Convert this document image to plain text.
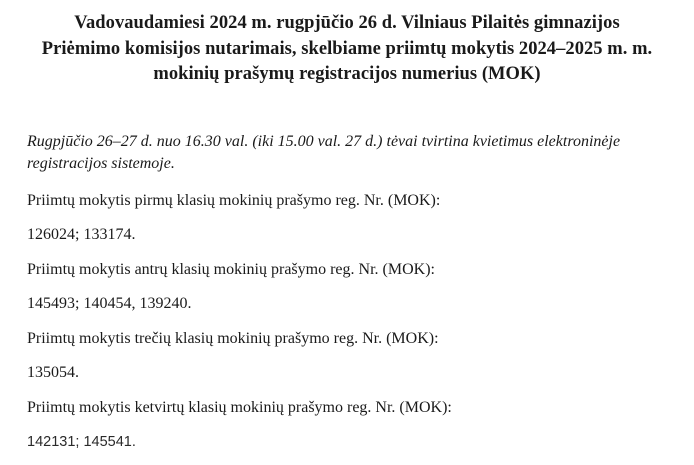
Vadovaudamiesi 2024 m. rugpjūčio 26 d. Vilniaus Pilaitės gimnazijos
Priėmimo komisijos nutarimais, skelbiame priimtų mokytis 2024–2025 m. m.
mokinių prašymų registracijos numerius (MOK)
Rugpjūčio 26–27 d. nuo 16.30 val. (iki 15.00 val. 27 d.) tėvai tvirtina kvietimus elektroninėje
registracijos sistemoje.
Priimtų mokytis pirmų klasių mokinių prašymo reg. Nr. (MOK):
126024; 133174.
Priimtų mokytis antrų klasių mokinių prašymo reg. Nr. (MOK):
145493; 140454, 139240.
Priimtų mokytis trečių klasių mokinių prašymo reg. Nr. (MOK):
135054.
Priimtų mokytis ketvirtų klasių mokinių prašymo reg. Nr. (MOK):
142131; 145541.
